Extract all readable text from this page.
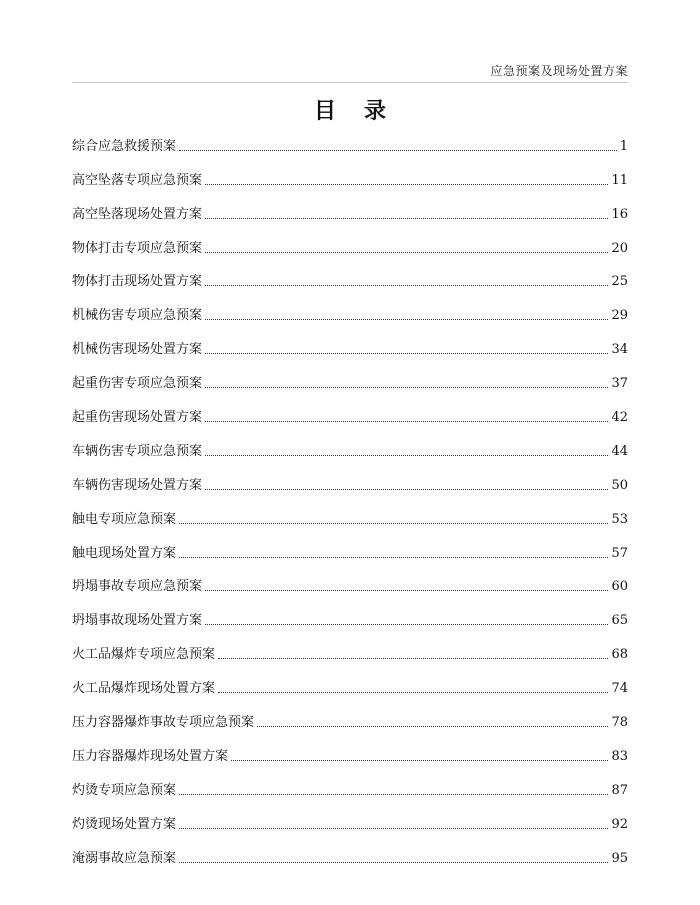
应急预案及现场处置方案
目 录
综合应急救援预案	1
高空坠落专项应急预案	11
高空坠落现场处置方案	16
物体打击专项应急预案	20
物体打击现场处置方案	25
机械伤害专项应急预案	29
机械伤害现场处置方案	34
起重伤害专项应急预案	37
起重伤害现场处置方案	42
车辆伤害专项应急预案	44
车辆伤害现场处置方案	50
触电专项应急预案	53
触电现场处置方案	57
坍塌事故专项应急预案	60
坍塌事故现场处置方案	65
火工品爆炸专项应急预案	68
火工品爆炸现场处置方案	74
压力容器爆炸事故专项应急预案	78
压力容器爆炸现场处置方案	83
灼烫专项应急预案	87
灼烫现场处置方案	92
淹溺事故应急预案	95
